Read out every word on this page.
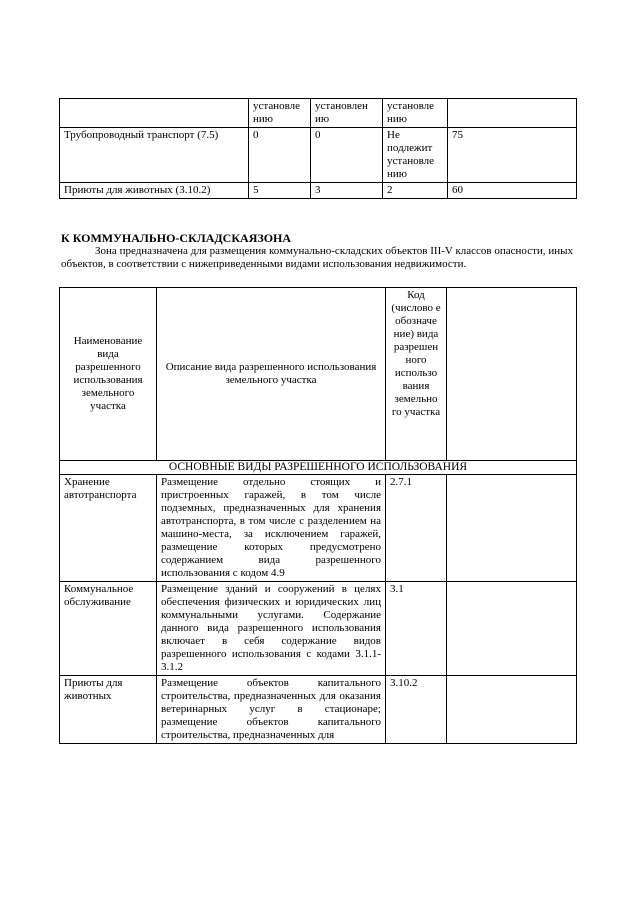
	установле нию	установлен ию	установле нию	
Трубопроводный транспорт (7.5)	0	0	Не подлежит установле нию	75
Приюты для животных (3.10.2)	5	3	2	60
К КОММУНАЛЬНО-СКЛАДСКАЯЗОНА
Зона предназначена для размещения коммунально-складских объектов III-V классов опасности, иных объектов, в соответствии с нижеприведенными видами использования недвижимости.
Наименование вида разрешенного использования земельного участка	Описание вида разрешенного использования земельного участка	Код (числово е обозначе ние) вида разрешен ного использо вания земельно го участка	
ОСНОВНЫЕ ВИДЫ РАЗРЕШЕННОГО ИСПОЛЬЗОВАНИЯ			
Хранение автотранспорта	Размещение отдельно стоящих и пристроенных гаражей, в том числе подземных, предназначенных для хранения автотранспорта, в том числе с разделением на машино-места, за исключением гаражей, размещение которых предусмотрено содержанием вида разрешенного использования с кодом 4.9	2.7.1	
Коммунальное обслуживание	Размещение зданий и сооружений в целях обеспечения физических и юридических лиц коммунальными услугами. Содержание данного вида разрешенного использования включает в себя содержание видов разрешенного использования с кодами 3.1.1-3.1.2	3.1	
Приюты для животных	Размещение объектов капитального строительства, предназначенных для оказания ветеринарных услуг в стационаре; размещение объектов капитального строительства, предназначенных для	3.10.2	
